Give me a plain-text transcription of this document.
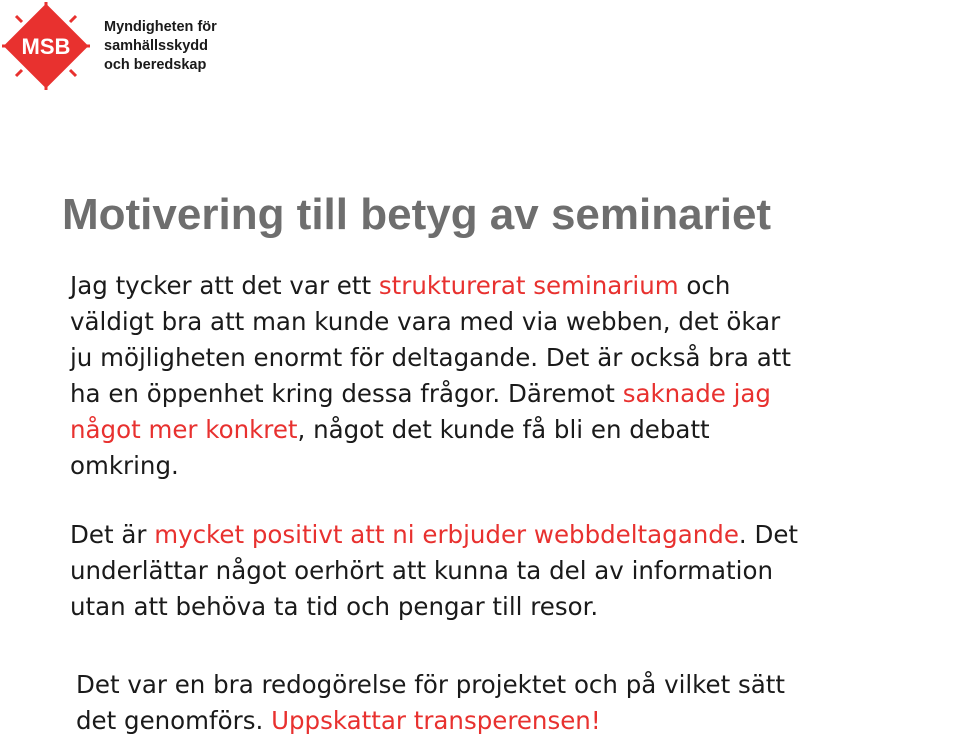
MSB
Myndigheten för
samhällsskydd
och beredskap
Motivering till betyg av seminariet

Jag tycker att det var ett strukturerat seminarium och
väldigt bra att man kunde vara med via webben, det ökar
ju möjligheten enormt för deltagande. Det är också bra att
ha en öppenhet kring dessa frågor. Däremot saknade jag
något mer konkret, något det kunde få bli en debatt
omkring.

Det är mycket positivt att ni erbjuder webbdeltagande. Det
underlättar något oerhört att kunna ta del av information
utan att behöva ta tid och pengar till resor.

Det var en bra redogörelse för projektet och på vilket sätt
det genomförs. Uppskattar transperensen!
